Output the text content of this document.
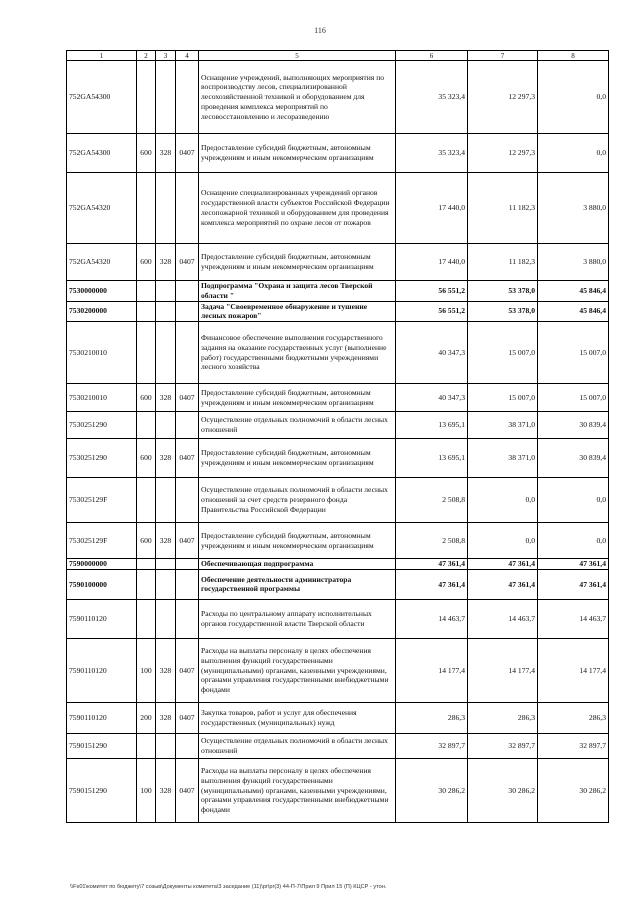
116
1	2	3	4	5	6	7	8
752GA54300				Оснащение учреждений, выполняющих мероприятия по воспроизводству лесов, специализированной лесохозяйственной техникой и оборудованием для проведения комплекса мероприятий по лесовосстановлению и лесоразведению	35 323,4	12 297,3	0,0
752GA54300	600	328	0407	Предоставление субсидий бюджетным, автономным учреждениям и иным некоммерческим организациям	35 323,4	12 297,3	0,0
752GA54320				Оснащение специализированных учреждений органов государственной власти субъектов Российской Федерации лесопожарной техникой и оборудованием для проведения комплекса мероприятий по охране лесов от пожаров	17 440,0	11 182,3	3 880,0
752GA54320	600	328	0407	Предоставление субсидий бюджетным, автономным учреждениям и иным некоммерческим организациям	17 440,0	11 182,3	3 880,0
7530000000				Подпрограмма "Охрана и защита лесов Тверской области "	56 551,2	53 378,0	45 846,4
7530200000				Задача "Своевременное обнаружение и тушение лесных пожаров"	56 551,2	53 378,0	45 846,4
7530210010				Финансовое обеспечение выполнения государственного задания на оказание государственных услуг (выполнение работ) государственными бюджетными учреждениями лесного хозяйства	40 347,3	15 007,0	15 007,0
7530210010	600	328	0407	Предоставление субсидий бюджетным, автономным учреждениям и иным некоммерческим организациям	40 347,3	15 007,0	15 007,0
7530251290				Осуществление отдельных полномочий в области лесных отношений	13 695,1	38 371,0	30 839,4
7530251290	600	328	0407	Предоставление субсидий бюджетным, автономным учреждениям и иным некоммерческим организациям	13 695,1	38 371,0	30 839,4
753025129F				Осуществление отдельных полномочий в области лесных отношений за счет средств резервного фонда Правительства Российской Федерации	2 508,8	0,0	0,0
753025129F	600	328	0407	Предоставление субсидий бюджетным, автономным учреждениям и иным некоммерческим организациям	2 508,8	0,0	0,0
7590000000				Обеспечивающая подпрограмма	47 361,4	47 361,4	47 361,4
7590100000				Обеспечение деятельности администратора государственной программы	47 361,4	47 361,4	47 361,4
7590110120				Расходы по центральному аппарату исполнительных органов государственной власти Тверской области	14 463,7	14 463,7	14 463,7
7590110120	100	328	0407	Расходы на выплаты персоналу в целях обеспечения выполнения функций государственными (муниципальными) органами, казенными учреждениями, органами управления государственными внебюджетными фондами	14 177,4	14 177,4	14 177,4
7590110120	200	328	0407	Закупка товаров, работ и услуг для обеспечения государственных (муниципальных) нужд	286,3	286,3	286,3
7590151290				Осуществление отдельных полномочий в области лесных отношений	32 897,7	32 897,7	32 897,7
7590151290	100	328	0407	Расходы на выплаты персоналу в целях обеспечения выполнения функций государственными (муниципальными) органами, казенными учреждениями, органами управления государственными внебюджетными фондами	30 286,2	30 286,2	30 286,2
\\Fs01\комитет по бюджету\7 созыв\Документы комитета\3 заседание (11)\pr\pr(3) 44-П-7\Прил 9 Прил 15 (П) КЦСР - утон.
